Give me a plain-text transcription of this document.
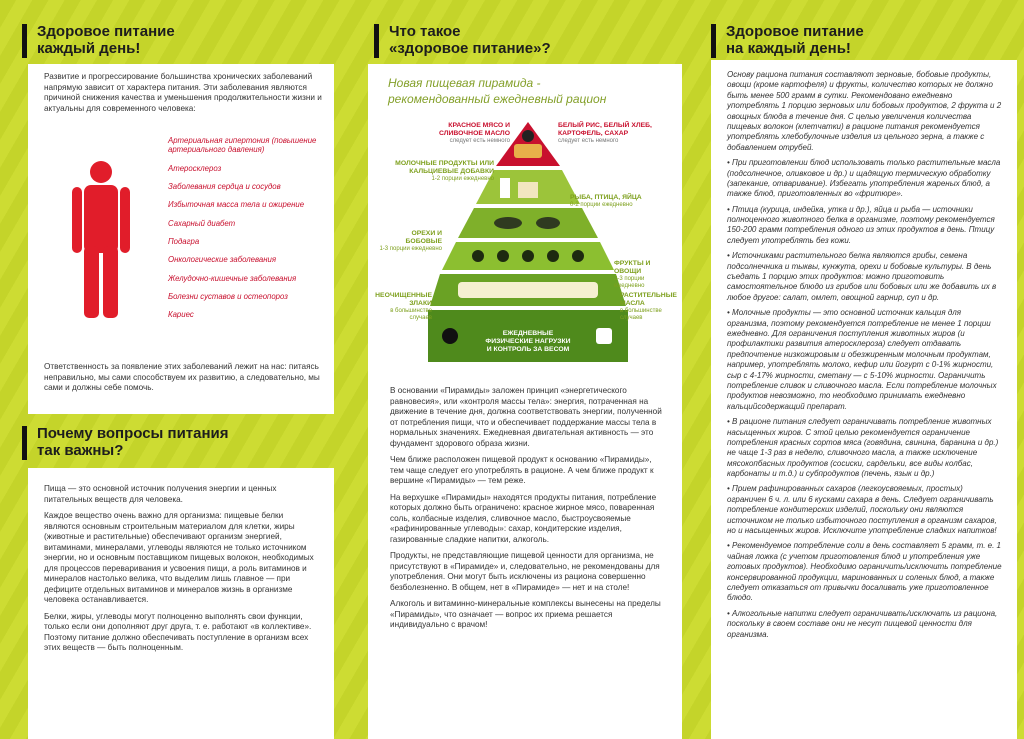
Здоровое питание
каждый день!

Развитие и прогрессирование большинства хронических заболеваний напрямую зависит от характера питания. Эти заболевания являются причиной снижения качества и уменьшения продолжительности жизни и актуальны для современного человека:

Артериальная гипертония (повышение артериального давления)
Атеросклероз
Заболевания сердца и сосудов
Избыточная масса тела и ожирение
Сахарный диабет
Подагра
Онкологические заболевания
Желудочно-кишечные заболевания
Болезни суставов и остеопороз
Кариес

Ответственность за появление этих заболеваний лежит на нас: питаясь неправильно, мы сами способствуем их развитию, а следовательно, мы сами и должны себе помочь.

Почему вопросы питания
так важны?

Пища — это основной источник получения энергии и ценных питательных веществ для человека.

Каждое вещество очень важно для организма: пищевые белки являются основным строительным материалом для клетки, жиры (животные и растительные) обеспечивают организм энергией, витаминами, минералами, углеводы являются не только источником энергии, но и основным поставщиком пищевых волокон, необходимых для процессов переваривания и усвоения пищи, а роль витаминов и минералов настолько велика, что выделим лишь главное — при дефиците отдельных витаминов и минералов жизнь в организме человека останавливается.

Белки, жиры, углеводы могут полноценно выполнять свои функции, только если они дополняют друг друга, т. е. работают «в коллективе». Поэтому питание должно обеспечивать поступление в организм всех этих веществ — быть полноценным.

Что такое
«здоровое питание»?
Новая пищевая пирамида -
рекомендованный ежедневный рацион
КРАСНОЕ МЯСО И СЛИВОЧНОЕ МАСЛО
следует есть немного
БЕЛЫЙ РИС, БЕЛЫЙ ХЛЕБ, КАРТОФЕЛЬ, САХАР
следует есть немного
МОЛОЧНЫЕ ПРОДУКТЫ ИЛИ КАЛЬЦИЕВЫЕ ДОБАВКИ
1-2 порции ежедневно
РЫБА, ПТИЦА, ЯЙЦА
0-2 порции ежедневно
ОРЕХИ И БОБОВЫЕ
1-3 порции ежедневно
ФРУКТЫ И ОВОЩИ
2-3 порции ежедневно
НЕОЧИЩЕННЫЕ ЗЛАКИ
в большинстве случаев
РАСТИТЕЛЬНЫЕ МАСЛА
в большинстве случаев
ЕЖЕДНЕВНЫЕ
ФИЗИЧЕСКИЕ НАГРУЗКИ
И КОНТРОЛЬ ЗА ВЕСОМ

В основании «Пирамиды» заложен принцип «энергетического равновесия», или «контроля массы тела»: энергия, потраченная на движение в течение дня, должна соответствовать энергии, полученной от потребления пищи, что и обеспечивает поддержание массы тела в нормальных значениях. Ежедневная двигательная активность — это фундамент здорового образа жизни.

Чем ближе расположен пищевой продукт к основанию «Пирамиды», тем чаще следует его употреблять в рационе. А чем ближе продукт к вершине «Пирамиды» — тем реже.

На верхушке «Пирамиды» находятся продукты питания, потребление которых должно быть ограничено: красное жирное мясо, поваренная соль, колбасные изделия, сливочное масло, быстроусвояемые «рафинированные углеводы»: сахар, кондитерские изделия, газированные сладкие напитки, алкоголь.

Продукты, не представляющие пищевой ценности для организма, не присутствуют в «Пирамиде» и, следовательно, не рекомендованы для употребления. Они могут быть исключены из рациона совершенно безболезненно. В общем, нет в «Пирамиде» — нет и на столе!

Алкоголь и витаминно-минеральные комплексы вынесены на пределы «Пирамиды», что означает — вопрос их приема решается индивидуально с врачом!

Здоровое питание
на каждый день!

Основу рациона питания составляют зерновые, бобовые продукты, овощи (кроме картофеля) и фрукты, количество которых не должно быть менее 500 грамм в сутки. Рекомендовано ежедневно употреблять 1 порцию зерновых или бобовых продуктов, 2 фрукта и 2 овощных блюда в течение дня. С целью увеличения количества пищевых волокон (клетчатки) в рационе питания рекомендуется употреблять хлебобулочные изделия из цельного зерна, а также с добавлением отрубей.

• При приготовлении блюд использовать только растительные масла (подсолнечное, оливковое и др.) и щадящую термическую обработку (запекание, отваривание). Избегать употребления жареных блюд, а также блюд, приготовленных во «фритюре».

• Птица (курица, индейка, утка и др.), яйца и рыба — источники полноценного животного белка в организме, поэтому рекомендуется 150-200 грамм потребления одного из этих продуктов в день. Птицу следует употреблять без кожи.

• Источниками растительного белка являются грибы, семена подсолнечника и тыквы, кунжута, орехи и бобовые культуры. В день съедать 1 порцию этих продуктов: можно приготовить самостоятельное блюдо из грибов или бобовых или же добавить их в любое другое: салат, омлет, овощной гарнир, суп и др.

• Молочные продукты — это основной источник кальция для организма, поэтому рекомендуется потребление не менее 1 порции ежедневно. Для ограничения поступления животных жиров (и профилактики развития атеросклероза) следует отдавать предпочтение низкожировым и обезжиренным молочным продуктам, например, употреблять молоко, кефир или йогурт с 0-1% жирности, сыр с 4-17% жирности, сметану — с 5-10% жирности. Ограничить потребление сливок и сливочного масла. Если потребление молочных продуктов невозможно, то необходимо принимать ежедневно кальцийсодержащий препарат.

• В рационе питания следует ограничивать потребление животных насыщенных жиров. С этой целью рекомендуется ограничение потребления красных сортов мяса (говядина, свинина, баранина и др.) не чаще 1-3 раз в неделю, сливочного масла, а также исключение мясокопбасных продуктов (сосиски, сардельки, все виды колбас, карбонаты и т.д.) и субпродуктов (печень, язык и др.)

• Прием рафинированных сахаров (легкоусвояемых, простых) ограничен 6 ч. л. или 6 кусками сахара в день. Следует ограничивать потребление кондитерских изделий, поскольку они являются источником не только избыточного поступления в организм сахаров, но и насыщенных жиров. Исключите употребление сладких напитков!

• Рекомендуемое потребление соли в день составляет 5 грамм, т. е. 1 чайная ложка (с учетом приготовления блюд и употребления уже готовых продуктов). Необходимо ограничить/исключить потребление консервированной продукции, маринованных и соленых блюд, а также следует отказаться от привычки досаливать уже приготовленное блюдо.

• Алкогольные напитки следует ограничивать/исключать из рациона, поскольку в своем составе они не несут пищевой ценности для организма.
